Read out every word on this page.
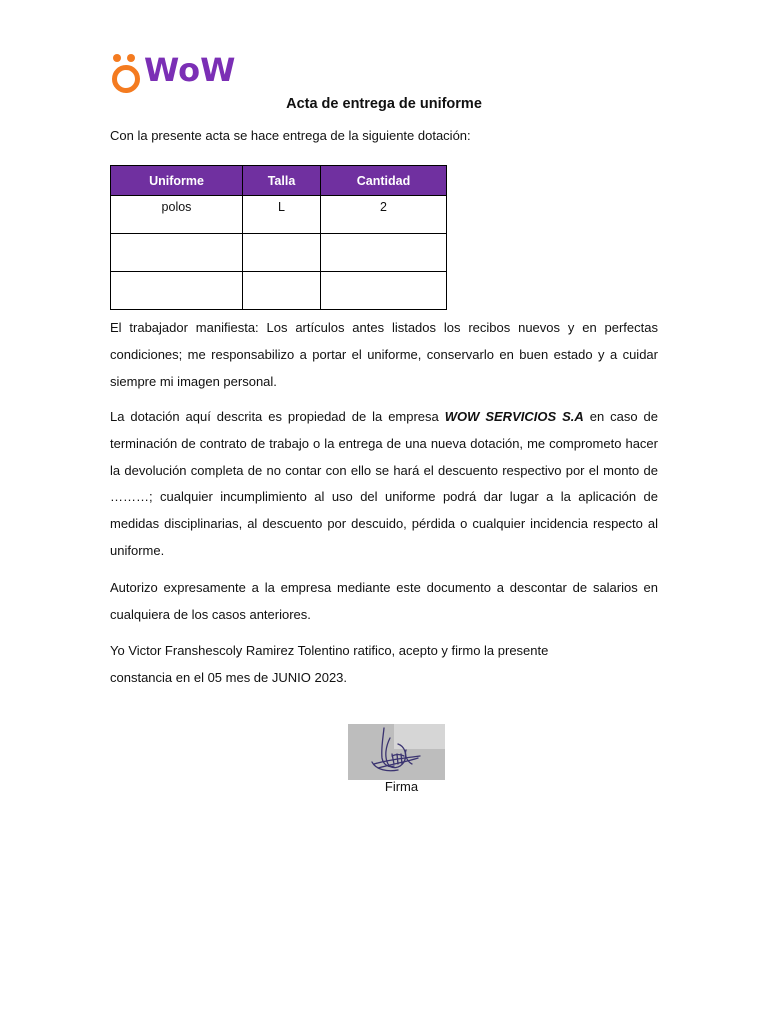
WoW
Acta de entrega de uniforme
Con la presente acta se hace entrega de la siguiente dotación:
Uniforme	Talla	Cantidad
polos	L	2

El trabajador manifiesta: Los artículos antes listados los recibos nuevos y en perfectas condiciones; me responsabilizo a portar el uniforme, conservarlo en buen estado y a cuidar siempre mi imagen personal.

La dotación aquí descrita es propiedad de la empresa WOW SERVICIOS S.A en caso de terminación de contrato de trabajo o la entrega de una nueva dotación, me comprometo hacer la devolución completa de no contar con ello se hará el descuento respectivo por el monto de ………; cualquier incumplimiento al uso del uniforme podrá dar lugar a la aplicación de medidas disciplinarias, al descuento por descuido, pérdida o cualquier incidencia respecto al uniforme.

Autorizo expresamente a la empresa mediante este documento a descontar de salarios en cualquiera de los casos anteriores.

Yo Victor Franshescoly Ramirez Tolentino ratifico, acepto y firmo la presente
constancia en el 05 mes de JUNIO 2023.

Firma
